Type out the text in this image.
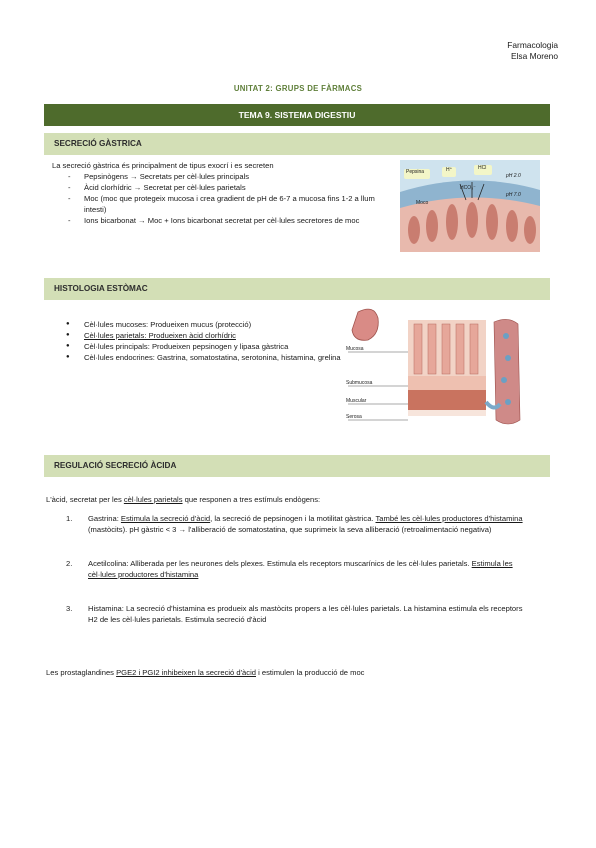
Farmacologia
Elsa Moreno
UNITAT 2: GRUPS DE FÀRMACS
TEMA 9. SISTEMA DIGESTIU
SECRECIÓ GÀSTRICA
La secreció gàstrica és principalment de tipus exocrí i es secreten
- Pepsinògens → Secretats per cèl·lules principals
- Àcid clorhídric → Secretat per cèl·lules parietals
- Moc (moc que protegeix mucosa i crea gradient de pH de 6-7 a mucosa fins 1-2 a llum intesti)
- Ions bicarbonat → Moc + Ions bicarbonat secretat per cèl·lules secretores de moc
Pepsina	H⁺	HCl
pH 2.0
HCO₃⁻
pH 7.0
Moco
HISTOLOGIA ESTÒMAC
● Cèl·lules mucoses: Produeixen mucus (protecció)
● Cèl·lules parietals: Produeixen àcid clorhídric
● Cèl·lules principals: Produeixen pepsinogen y lipasa gàstrica
● Cèl·lules endocrines: Gastrina, somatostatina, serotonina, histamina, grelina
Mucosa
Submucosa
Muscular
Serosa
REGULACIÓ SECRECIÓ ÀCIDA
L'àcid, secretat per les cèl·lules parietals que responen a tres estímuls endògens:
1. Gastrina: Estimula la secreció d'àcid, la secreció de pepsinogen i la motilitat gàstrica. També les cèl·lules productores d'histamina (mastòcits). pH gàstric < 3 → l'alliberació de somatostatina, que suprimeix la seva alliberació (retroalimentació negativa)
2. Acetilcolina: Alliberada per les neurones dels plexes. Estimula els receptors muscarínics de les cèl·lules parietals. Estimula les cèl·lules productores d'histamina
3. Histamina: La secreció d'histamina es produeix als mastòcits propers a les cèl·lules parietals. La histamina estimula els receptors H2 de les cèl·lules parietals. Estimula secreció d'àcid
Les prostaglandines PGE2 i PGI2 inhibeixen la secreció d'àcid i estimulen la producció de moc
